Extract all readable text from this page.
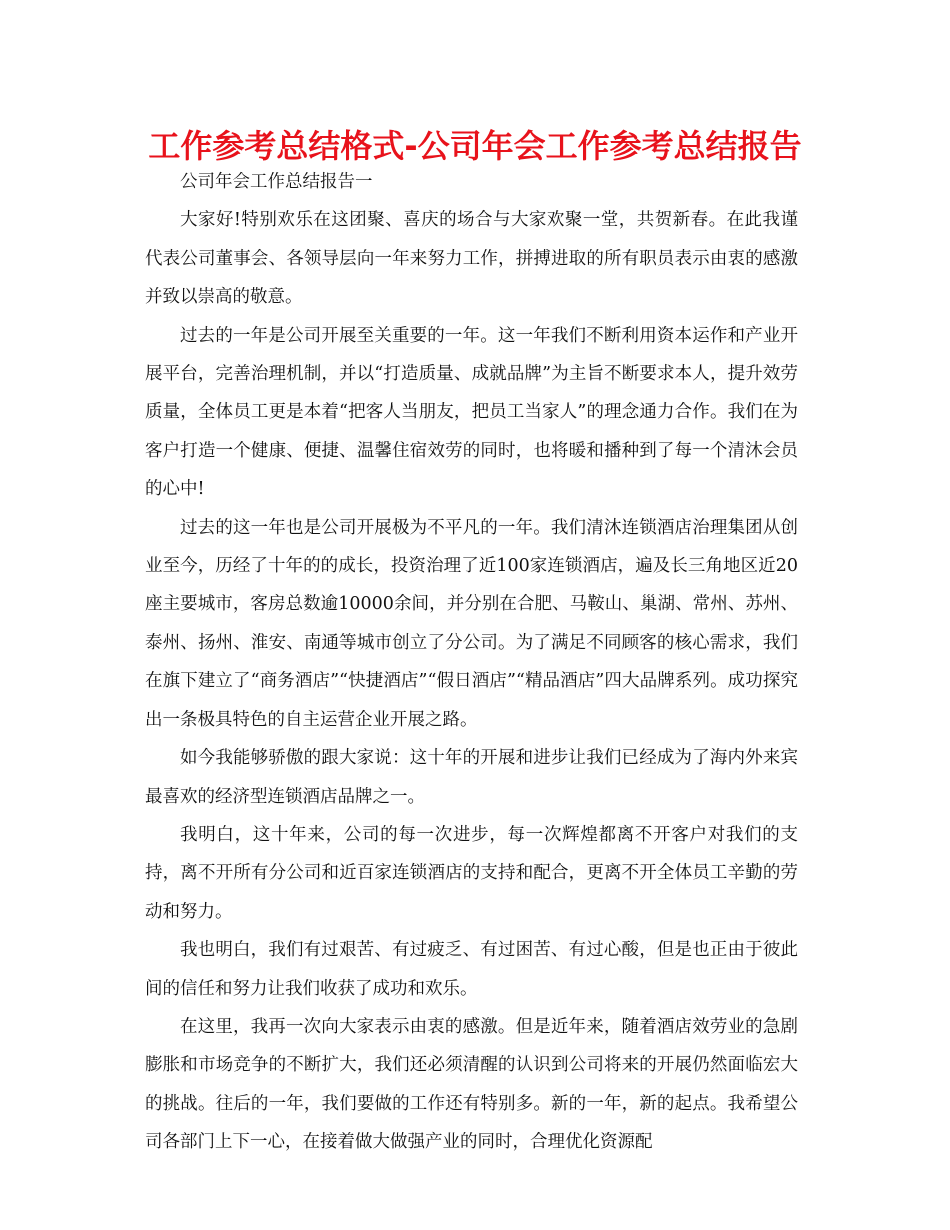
工作参考总结格式-公司年会工作参考总结报告

公司年会工作总结报告一

大家好!特别欢乐在这团聚、喜庆的场合与大家欢聚一堂，共贺新春。在此我谨代表公司董事会、各领导层向一年来努力工作，拼搏进取的所有职员表示由衷的感激并致以崇高的敬意。

过去的一年是公司开展至关重要的一年。这一年我们不断利用资本运作和产业开展平台，完善治理机制，并以“打造质量、成就品牌”为主旨不断要求本人，提升效劳质量，全体员工更是本着“把客人当朋友，把员工当家人”的理念通力合作。我们在为客户打造一个健康、便捷、温馨住宿效劳的同时，也将暖和播种到了每一个清沐会员的心中!

过去的这一年也是公司开展极为不平凡的一年。我们清沐连锁酒店治理集团从创业至今，历经了十年的的成长，投资治理了近100家连锁酒店，遍及长三角地区近20座主要城市，客房总数逾10000余间，并分别在合肥、马鞍山、巢湖、常州、苏州、泰州、扬州、淮安、南通等城市创立了分公司。为了满足不同顾客的核心需求，我们在旗下建立了“商务酒店”“快捷酒店”“假日酒店”“精品酒店”四大品牌系列。成功探究出一条极具特色的自主运营企业开展之路。

如今我能够骄傲的跟大家说：这十年的开展和进步让我们已经成为了海内外来宾最喜欢的经济型连锁酒店品牌之一。

我明白，这十年来，公司的每一次进步，每一次辉煌都离不开客户对我们的支持，离不开所有分公司和近百家连锁酒店的支持和配合，更离不开全体员工辛勤的劳动和努力。

我也明白，我们有过艰苦、有过疲乏、有过困苦、有过心酸，但是也正由于彼此间的信任和努力让我们收获了成功和欢乐。

在这里，我再一次向大家表示由衷的感激。但是近年来，随着酒店效劳业的急剧膨胀和市场竞争的不断扩大，我们还必须清醒的认识到公司将来的开展仍然面临宏大的挑战。往后的一年，我们要做的工作还有特别多。新的一年，新的起点。我希望公司各部门上下一心，在接着做大做强产业的同时，合理优化资源配
